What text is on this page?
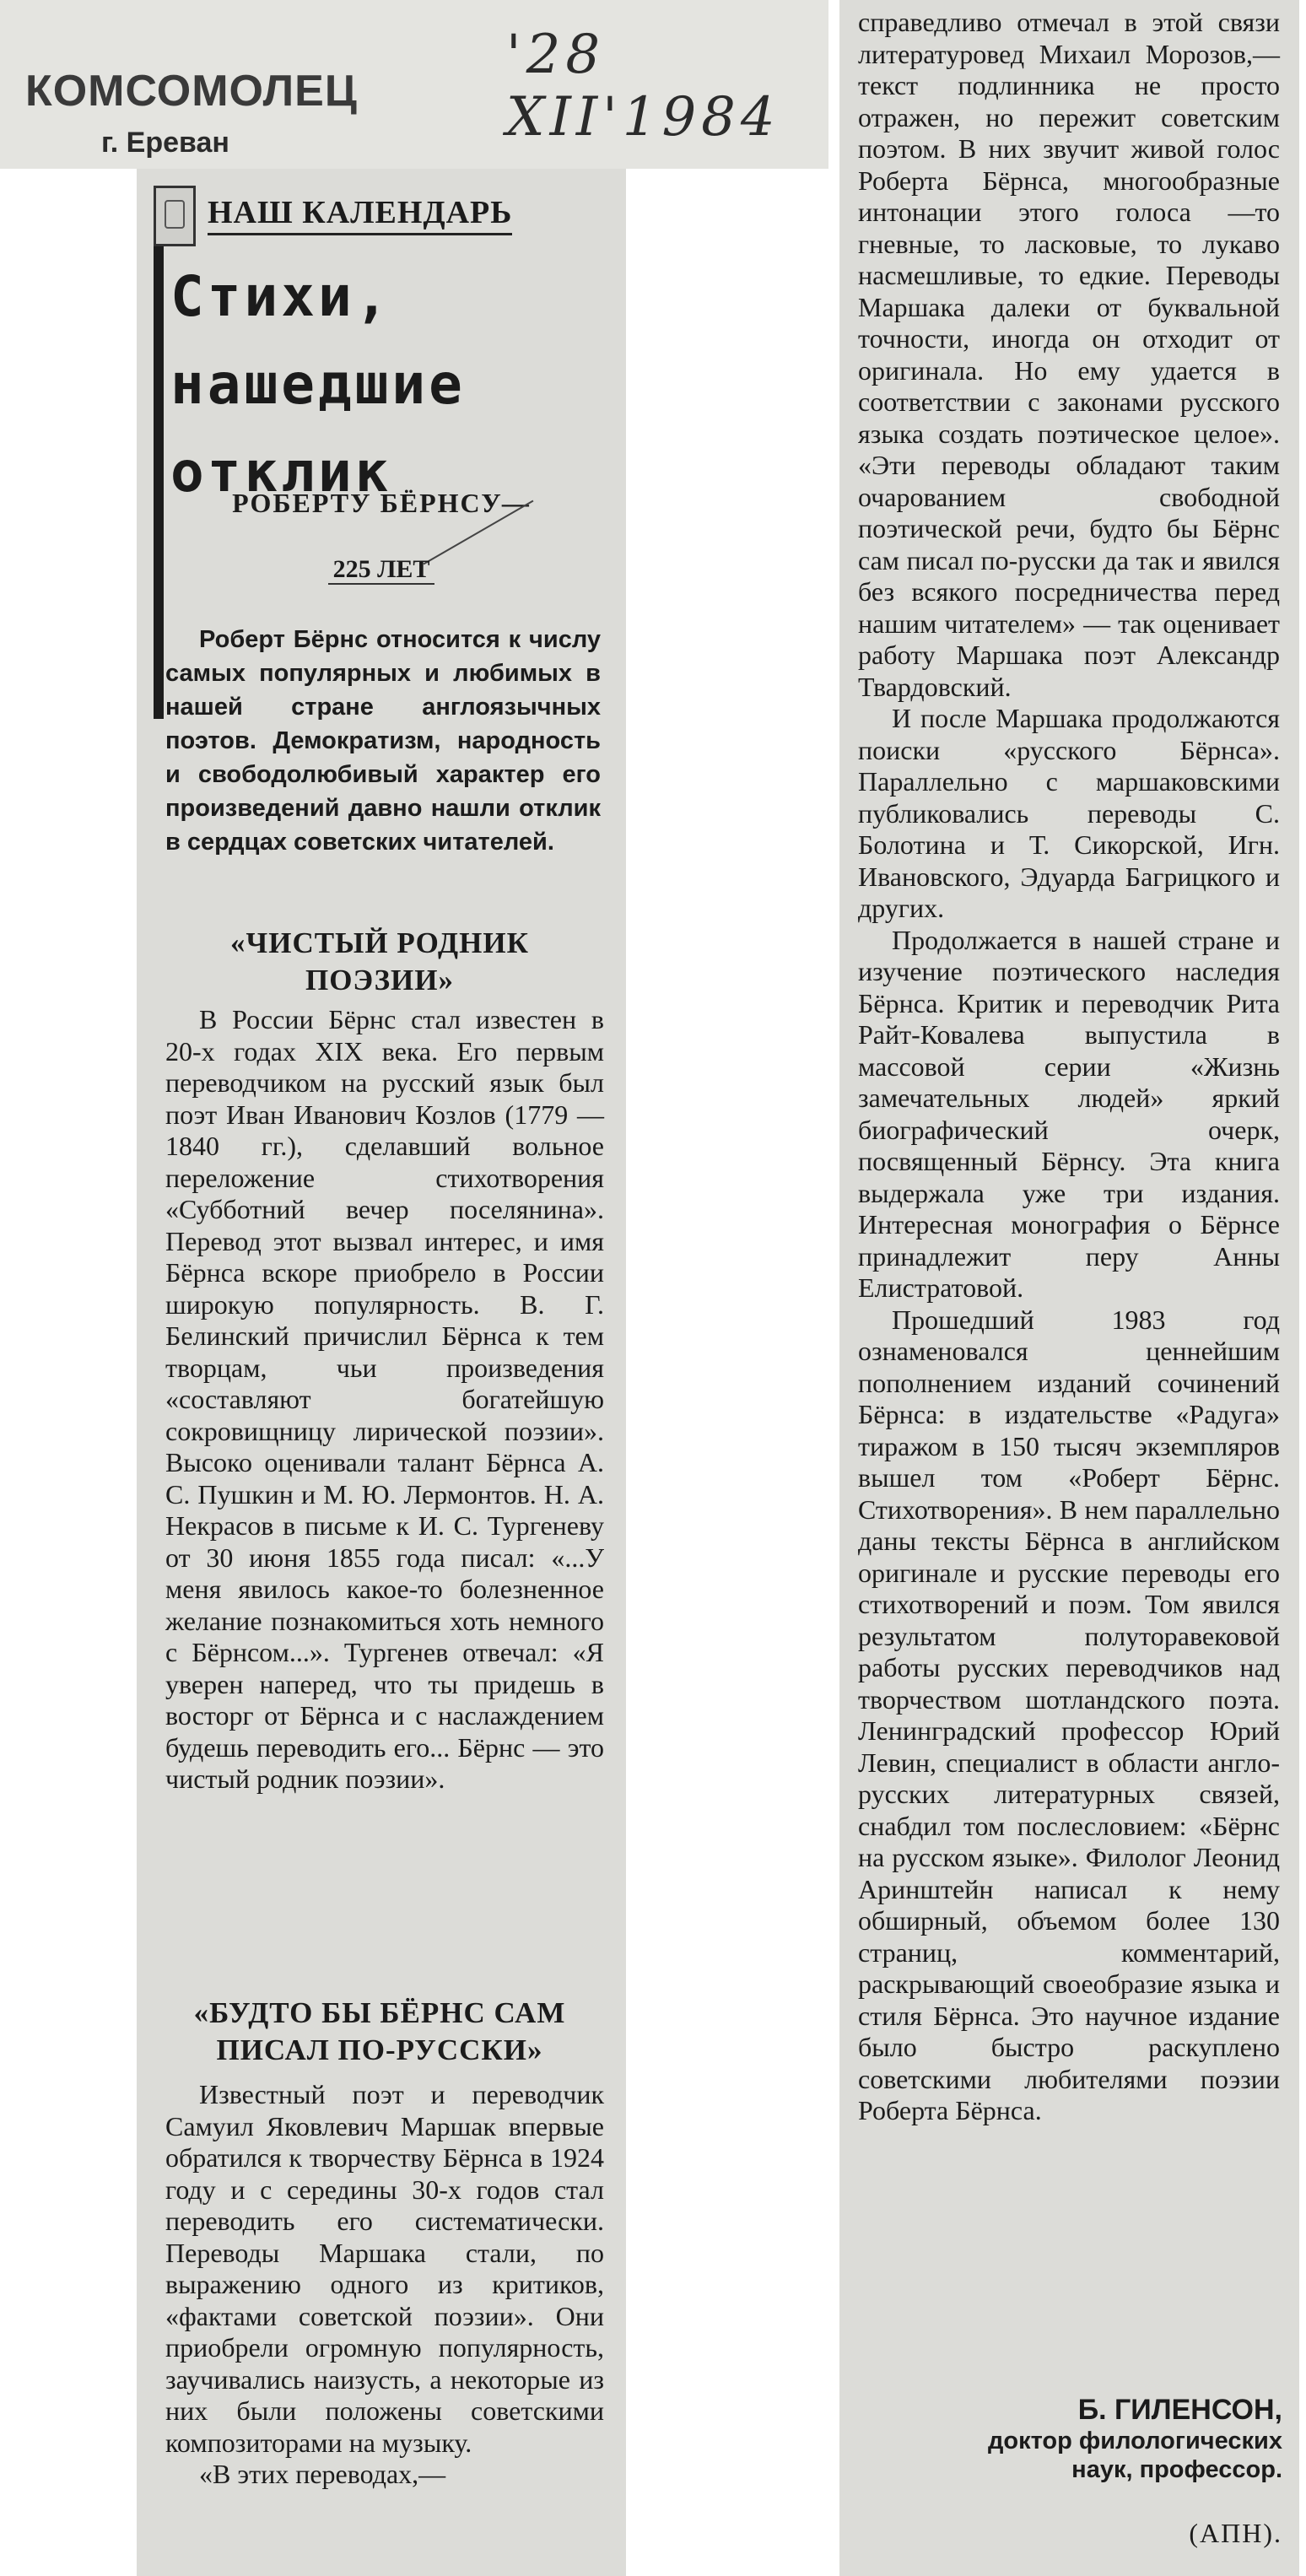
КОМСОМОЛЕЦ
г. Ереван
'28 XII'1984
НАШ КАЛЕНДАРЬ
Стихи,
нашедшие
отклик
РОБЕРТУ БЁРНСУ—
225 ЛЕТ
Роберт Бёрнс относится к числу самых популярных и любимых в нашей стране англоязычных поэтов. Демократизм, народность и свободолюбивый характер его произведений давно нашли отклик в сердцах советских читателей.
«ЧИСТЫЙ РОДНИК ПОЭЗИИ»

В России Бёрнс стал известен в 20-х годах XIX века. Его первым переводчиком на русский язык был поэт Иван Иванович Козлов (1779 — 1840 гг.), сделавший вольное переложение стихотворения «Субботний вечер поселянина». Перевод этот вызвал интерес, и имя Бёрнса вскоре приобрело в России широкую популярность. В. Г. Белинский причислил Бёрнса к тем творцам, чьи произведения «составляют богатейшую сокровищницу лирической поэзии». Высоко оценивали талант Бёрнса А. С. Пушкин и М. Ю. Лермонтов. Н. А. Некрасов в письме к И. С. Тургеневу от 30 июня 1855 года писал: «...У меня явилось какое-то болезненное желание познакомиться хоть немного с Бёрнсом...». Тургенев отвечал: «Я уверен наперед, что ты придешь в восторг от Бёрнса и с наслаждением будешь переводить его... Бёрнс — это чистый родник поэзии».

«БУДТО БЫ БЁРНС САМ ПИСАЛ ПО-РУССКИ»

Известный поэт и переводчик Самуил Яковлевич Маршак впервые обратился к творчеству Бёрнса в 1924 году и с середины 30-х годов стал переводить его систематически. Переводы Маршака стали, по выражению одного из критиков, «фактами советской поэзии». Они приобрели огромную популярность, заучивались наизусть, а некоторые из них были положены советскими композиторами на музыку.

«В этих переводах,—

справедливо отмечал в этой связи литературовед Михаил Морозов,— текст подлинника не просто отражен, но пережит советским поэтом. В них звучит живой голос Роберта Бёрнса, многообразные интонации этого голоса —то гневные, то ласковые, то лукаво насмешливые, то едкие. Переводы Маршака далеки от буквальной точности, иногда он отходит от оригинала. Но ему удается в соответствии с законами русского языка создать поэтическое целое». «Эти переводы обладают таким очарованием свободной поэтической речи, будто бы Бёрнс сам писал по-русски да так и явился без всякого посредничества перед нашим читателем» — так оценивает работу Маршака поэт Александр Твардовский.

И после Маршака продолжаются поиски «русского Бёрнса». Параллельно с маршаковскими публиковались переводы С. Болотина и Т. Сикорской, Игн. Ивановского, Эдуарда Багрицкого и других.

Продолжается в нашей стране и изучение поэтического наследия Бёрнса. Критик и переводчик Рита Райт-Ковалева выпустила в массовой серии «Жизнь замечательных людей» яркий биографический очерк, посвященный Бёрнсу. Эта книга выдержала уже три издания. Интересная монография о Бёрнсе принадлежит перу Анны Елистратовой.

Прошедший 1983 год ознаменовался ценнейшим пополнением изданий сочинений Бёрнса: в издательстве «Радуга» тиражом в 150 тысяч экземпляров вышел том «Роберт Бёрнс. Стихотворения». В нем параллельно даны тексты Бёрнса в английском оригинале и русские переводы его стихотворений и поэм. Том явился результатом полуторавековой работы русских переводчиков над творчеством шотландского поэта. Ленинградский профессор Юрий Левин, специалист в области англо-русских литературных связей, снабдил том послесловием: «Бёрнс на русском языке». Филолог Леонид Аринштейн написал к нему обширный, объемом более 130 страниц, комментарий, раскрывающий своеобразие языка и стиля Бёрнса. Это научное издание было быстро раскуплено советскими любителями поэзии Роберта Бёрнса.

Б. ГИЛЕНСОН,
доктор филологических
наук, профессор.
(АПН).
